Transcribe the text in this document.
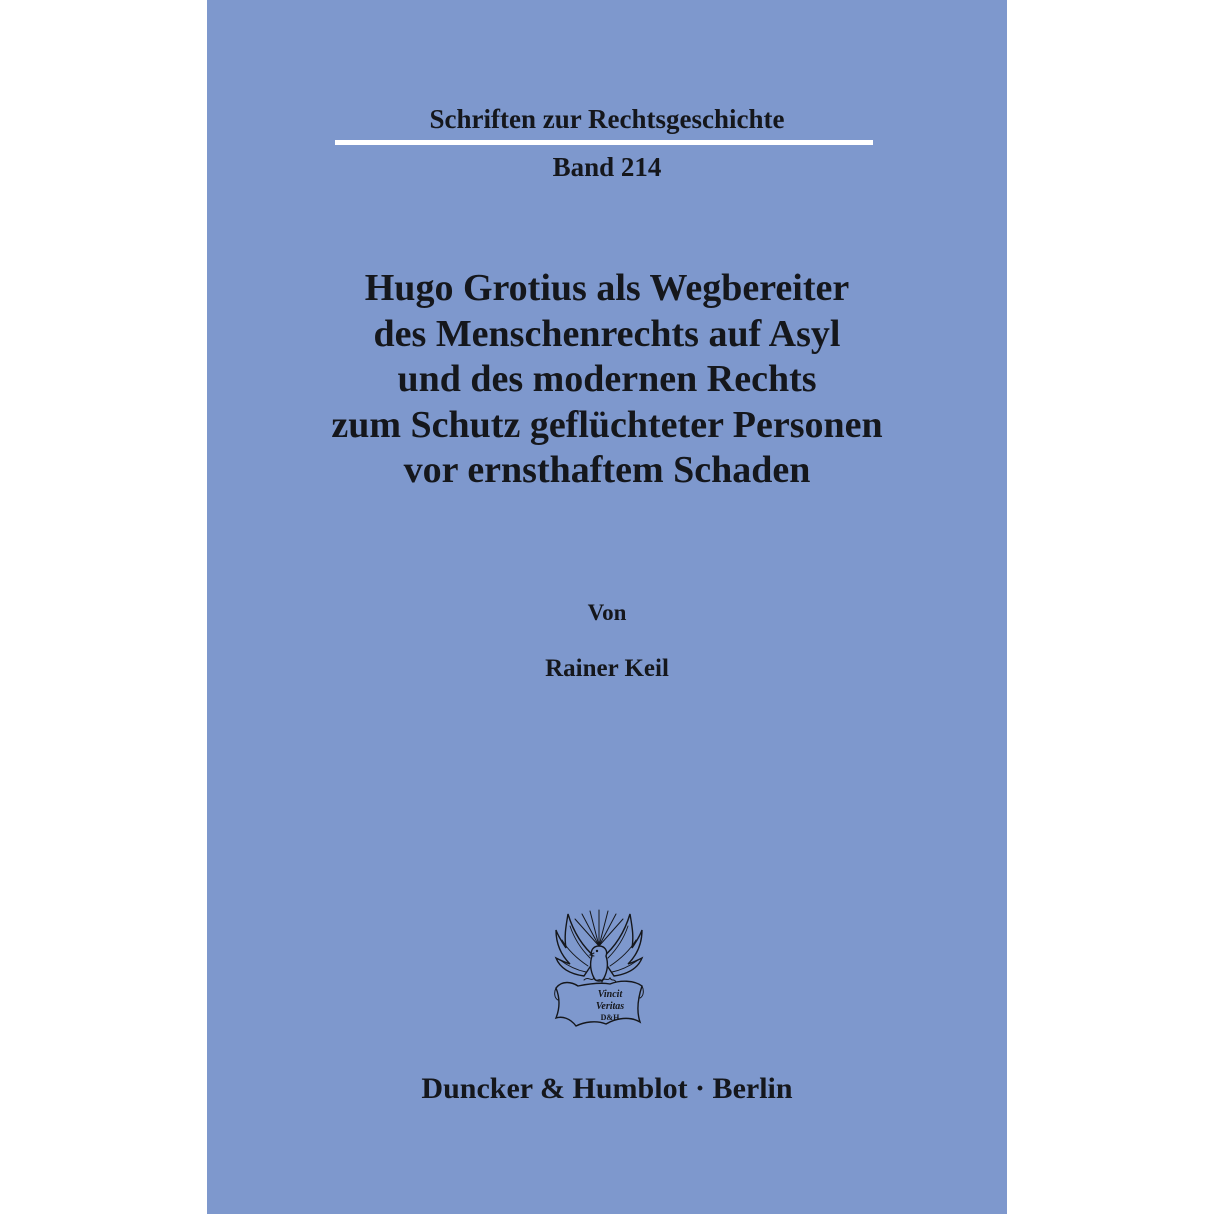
Schriften zur Rechtsgeschichte
Band 214
Hugo Grotius als Wegbereiter
des Menschenrechts auf Asyl
und des modernen Rechts
zum Schutz geflüchteter Personen
vor ernsthaftem Schaden
Von
Rainer Keil
Vincit
Veritas
D&H
Duncker & Humblot · Berlin
